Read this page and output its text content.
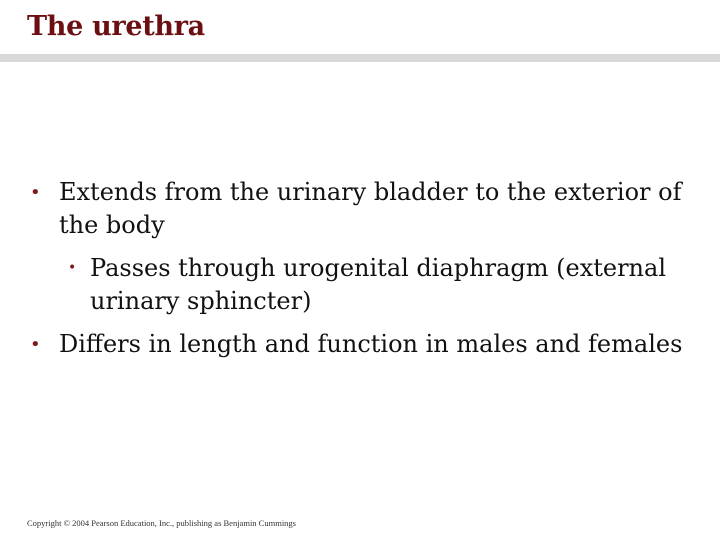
The urethra
• Extends from the urinary bladder to the exterior of the body
• Passes through urogenital diaphragm (external urinary sphincter)
• Differs in length and function in males and females
Copyright © 2004 Pearson Education, Inc., publishing as Benjamin Cummings
